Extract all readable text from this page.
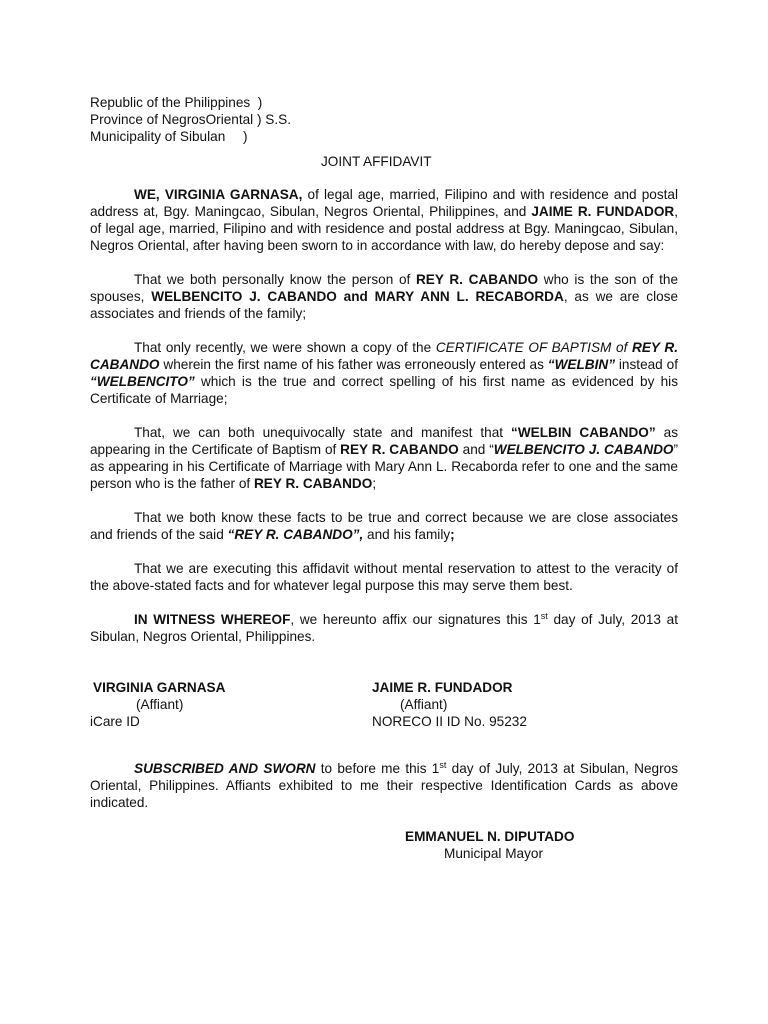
Republic of the Philippines  )
Province of NegrosOriental ) S.S.
Municipality of Sibulan )
JOINT AFFIDAVIT

WE, VIRGINIA GARNASA, of legal age, married, Filipino and with residence and postal address at, Bgy. Maningcao, Sibulan, Negros Oriental, Philippines, and JAIME R. FUNDADOR, of legal age, married, Filipino and with residence and postal address at Bgy. Maningcao, Sibulan, Negros Oriental, after having been sworn to in accordance with law, do hereby depose and say:

That we both personally know the person of REY R. CABANDO who is the son of the spouses, WELBENCITO J. CABANDO and MARY ANN L. RECABORDA, as we are close associates and friends of the family;

That only recently, we were shown a copy of the CERTIFICATE OF BAPTISM of REY R. CABANDO wherein the first name of his father was erroneously entered as “WELBIN” instead of “WELBENCITO” which is the true and correct spelling of his first name as evidenced by his Certificate of Marriage;

That, we can both unequivocally state and manifest that “WELBIN CABANDO” as appearing in the Certificate of Baptism of REY R. CABANDO and “WELBENCITO J. CABANDO” as appearing in his Certificate of Marriage with Mary Ann L. Recaborda refer to one and the same person who is the father of REY R. CABANDO;

That we both know these facts to be true and correct because we are close associates and friends of the said “REY R. CABANDO”, and his family;

That we are executing this affidavit without mental reservation to attest to the veracity of the above-stated facts and for whatever legal purpose this may serve them best.

IN WITNESS WHEREOF, we hereunto affix our signatures this 1st day of July, 2013 at Sibulan, Negros Oriental, Philippines.

VIRGINIA GARNASA	JAIME R. FUNDADOR
(Affiant)	(Affiant)
iCare ID	NORECO II ID No. 95232

SUBSCRIBED AND SWORN to before me this 1st day of July, 2013 at Sibulan, Negros Oriental, Philippines. Affiants exhibited to me their respective Identification Cards as above indicated.

EMMANUEL N. DIPUTADO
Municipal Mayor
